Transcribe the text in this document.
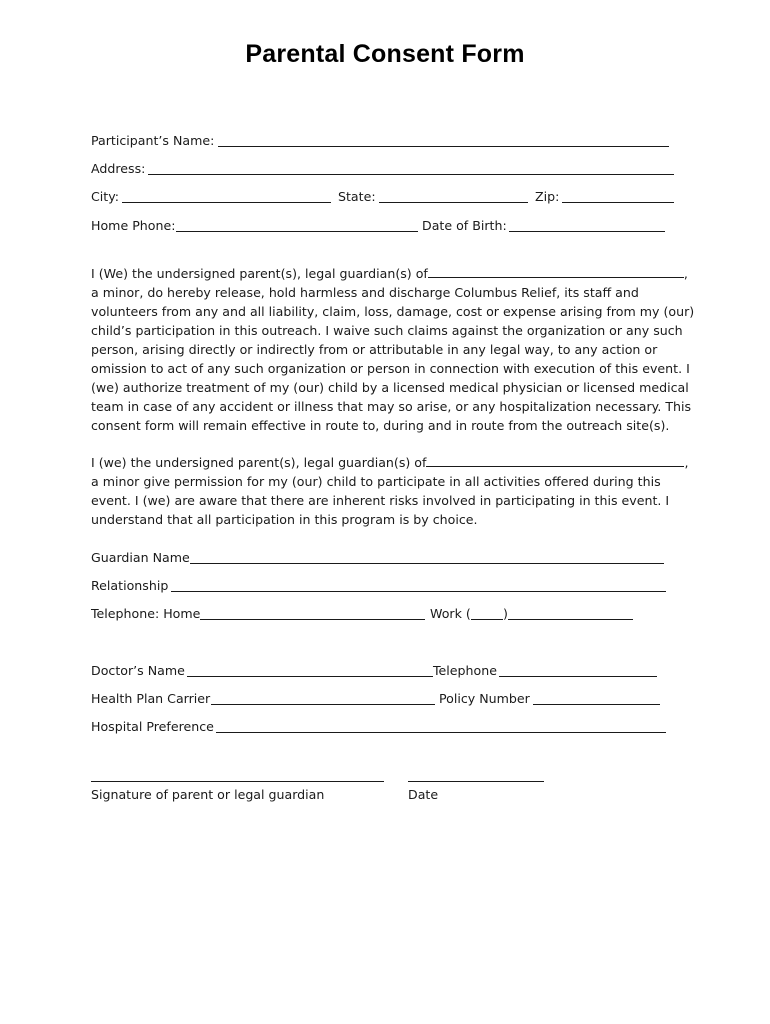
Parental Consent Form
Participant’s Name:
Address:
City:	State:	Zip:
Home Phone:	Date of Birth:
I (We) the undersigned parent(s), legal guardian(s) of	,
a minor, do hereby release, hold harmless and discharge Columbus Relief, its staff and
volunteers from any and all liability, claim, loss, damage, cost or expense arising from my (our)
child’s participation in this outreach. I waive such claims against the organization or any such
person, arising directly or indirectly from or attributable in any legal way, to any action or
omission to act of any such organization or person in connection with execution of this event. I
(we) authorize treatment of my (our) child by a licensed medical physician or licensed medical
team in case of any accident or illness that may so arise, or any hospitalization necessary. This
consent form will remain effective in route to, during and in route from the outreach site(s).
I (we) the undersigned parent(s), legal guardian(s) of	,
a minor give permission for my (our) child to participate in all activities offered during this
event. I (we) are aware that there are inherent risks involved in participating in this event. I
understand that all participation in this program is by choice.
Guardian Name
Relationship
Telephone: Home	Work (	)
Doctor’s Name	Telephone
Health Plan Carrier	Policy Number
Hospital Preference
Signature of parent or legal guardian	Date
